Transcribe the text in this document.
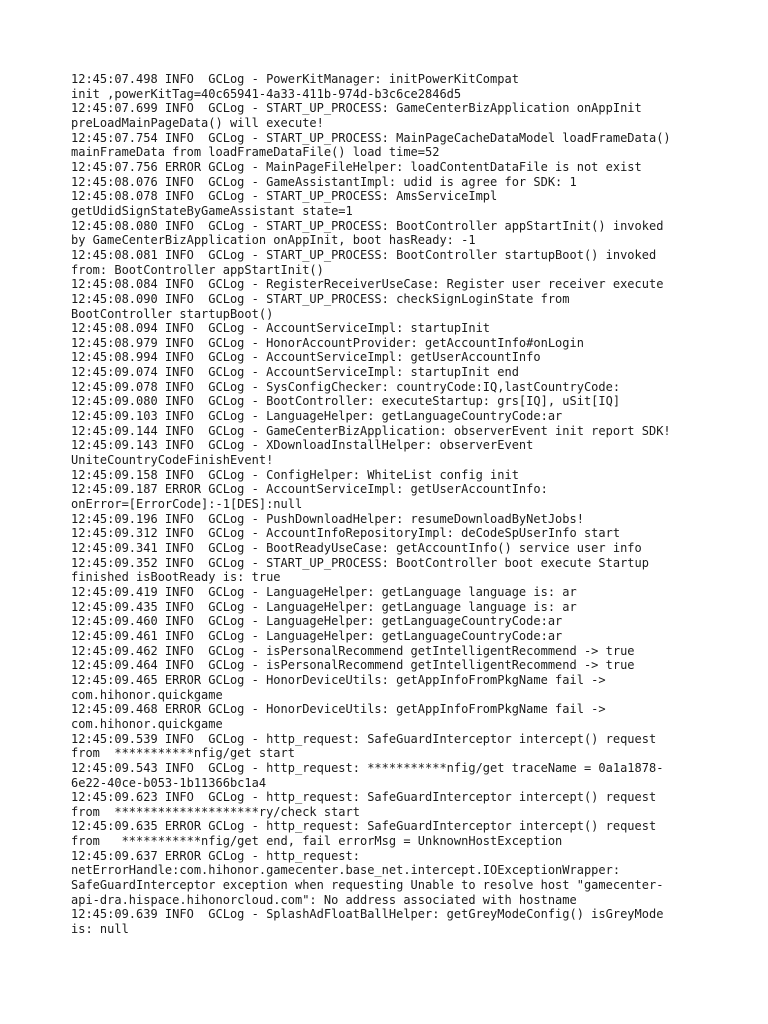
12:45:07.498 INFO  GCLog - PowerKitManager: initPowerKitCompat
init ,powerKitTag=40c65941-4a33-411b-974d-b3c6ce2846d5
12:45:07.699 INFO  GCLog - START_UP_PROCESS: GameCenterBizApplication onAppInit
preLoadMainPageData() will execute!
12:45:07.754 INFO  GCLog - START_UP_PROCESS: MainPageCacheDataModel loadFrameData()
mainFrameData from loadFrameDataFile() load time=52
12:45:07.756 ERROR GCLog - MainPageFileHelper: loadContentDataFile is not exist
12:45:08.076 INFO  GCLog - GameAssistantImpl: udid is agree for SDK: 1
12:45:08.078 INFO  GCLog - START_UP_PROCESS: AmsServiceImpl
getUdidSignStateByGameAssistant state=1
12:45:08.080 INFO  GCLog - START_UP_PROCESS: BootController appStartInit() invoked
by GameCenterBizApplication onAppInit, boot hasReady: -1
12:45:08.081 INFO  GCLog - START_UP_PROCESS: BootController startupBoot() invoked
from: BootController appStartInit()
12:45:08.084 INFO  GCLog - RegisterReceiverUseCase: Register user receiver execute
12:45:08.090 INFO  GCLog - START_UP_PROCESS: checkSignLoginState from
BootController startupBoot()
12:45:08.094 INFO  GCLog - AccountServiceImpl: startupInit
12:45:08.979 INFO  GCLog - HonorAccountProvider: getAccountInfo#onLogin
12:45:08.994 INFO  GCLog - AccountServiceImpl: getUserAccountInfo
12:45:09.074 INFO  GCLog - AccountServiceImpl: startupInit end
12:45:09.078 INFO  GCLog - SysConfigChecker: countryCode:IQ,lastCountryCode:
12:45:09.080 INFO  GCLog - BootController: executeStartup: grs[IQ], uSit[IQ]
12:45:09.103 INFO  GCLog - LanguageHelper: getLanguageCountryCode:ar
12:45:09.144 INFO  GCLog - GameCenterBizApplication: observerEvent init report SDK!
12:45:09.143 INFO  GCLog - XDownloadInstallHelper: observerEvent
UniteCountryCodeFinishEvent!
12:45:09.158 INFO  GCLog - ConfigHelper: WhiteList config init
12:45:09.187 ERROR GCLog - AccountServiceImpl: getUserAccountInfo:
onError=[ErrorCode]:-1[DES]:null
12:45:09.196 INFO  GCLog - PushDownloadHelper: resumeDownloadByNetJobs!
12:45:09.312 INFO  GCLog - AccountInfoRepositoryImpl: deCodeSpUserInfo start
12:45:09.341 INFO  GCLog - BootReadyUseCase: getAccountInfo() service user info
12:45:09.352 INFO  GCLog - START_UP_PROCESS: BootController boot execute Startup
finished isBootReady is: true
12:45:09.419 INFO  GCLog - LanguageHelper: getLanguage language is: ar
12:45:09.435 INFO  GCLog - LanguageHelper: getLanguage language is: ar
12:45:09.460 INFO  GCLog - LanguageHelper: getLanguageCountryCode:ar
12:45:09.461 INFO  GCLog - LanguageHelper: getLanguageCountryCode:ar
12:45:09.462 INFO  GCLog - isPersonalRecommend getIntelligentRecommend -> true
12:45:09.464 INFO  GCLog - isPersonalRecommend getIntelligentRecommend -> true
12:45:09.465 ERROR GCLog - HonorDeviceUtils: getAppInfoFromPkgName fail ->
com.hihonor.quickgame
12:45:09.468 ERROR GCLog - HonorDeviceUtils: getAppInfoFromPkgName fail ->
com.hihonor.quickgame
12:45:09.539 INFO  GCLog - http_request: SafeGuardInterceptor intercept() request
from  ***********nfig/get start
12:45:09.543 INFO  GCLog - http_request: ***********nfig/get traceName = 0a1a1878-
6e22-40ce-b053-1b11366bc1a4
12:45:09.623 INFO  GCLog - http_request: SafeGuardInterceptor intercept() request
from  ********************ry/check start
12:45:09.635 ERROR GCLog - http_request: SafeGuardInterceptor intercept() request
from   ***********nfig/get end, fail errorMsg = UnknownHostException
12:45:09.637 ERROR GCLog - http_request:
netErrorHandle:com.hihonor.gamecenter.base_net.intercept.IOExceptionWrapper:
SafeGuardInterceptor exception when requesting Unable to resolve host "gamecenter-
api-dra.hispace.hihonorcloud.com": No address associated with hostname
12:45:09.639 INFO  GCLog - SplashAdFloatBallHelper: getGreyModeConfig() isGreyMode
is: null
